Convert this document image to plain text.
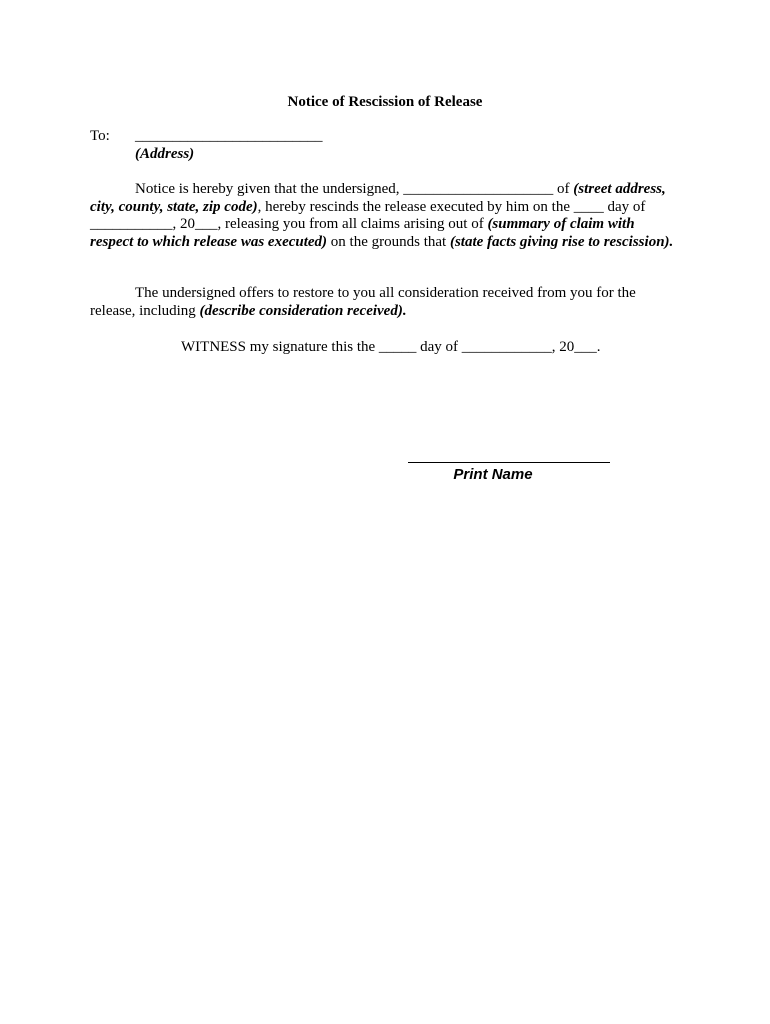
Notice of Rescission of Release
To: _________________________
(Address)
Notice is hereby given that the undersigned, ____________________ of (street address, city, county, state, zip code), hereby rescinds the release executed by him on the ____ day of ___________, 20___, releasing you from all claims arising out of (summary of claim with respect to which release was executed) on the grounds that (state facts giving rise to rescission).
The undersigned offers to restore to you all consideration received from you for the release, including (describe consideration received).
WITNESS my signature this the _____ day of ____________, 20___.
Print Name
